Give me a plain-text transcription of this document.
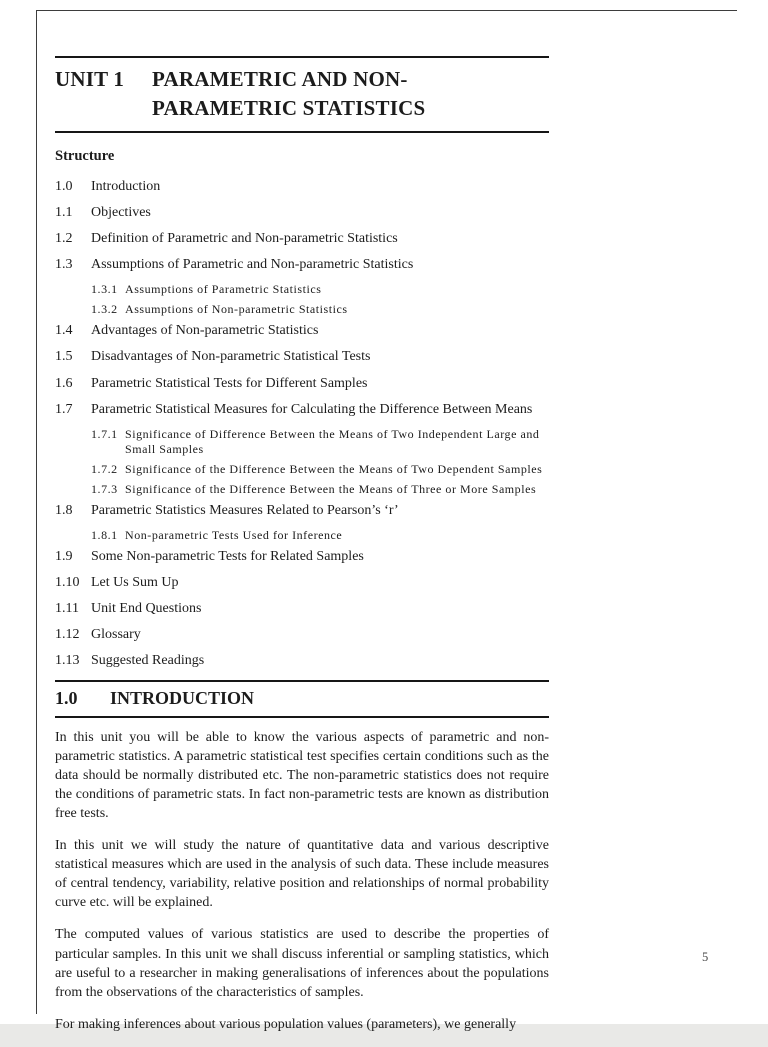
UNIT 1	PARAMETRIC AND NON-
PARAMETRIC STATISTICS
Structure
1.0	Introduction
1.1	Objectives
1.2	Definition of Parametric and Non-parametric Statistics
1.3	Assumptions of Parametric and Non-parametric Statistics
1.3.1 Assumptions of Parametric Statistics
1.3.2 Assumptions of Non-parametric Statistics
1.4	Advantages of Non-parametric Statistics
1.5	Disadvantages of Non-parametric Statistical Tests
1.6	Parametric Statistical Tests for Different Samples
1.7	Parametric Statistical Measures for Calculating the Difference Between Means
1.7.1 Significance of Difference Between the Means of Two Independent Large and Small Samples
1.7.2 Significance of the Difference Between the Means of Two Dependent Samples
1.7.3 Significance of the Difference Between the Means of Three or More Samples
1.8	Parametric Statistics Measures Related to Pearson’s ‘r’
1.8.1 Non-parametric Tests Used for Inference
1.9	Some Non-parametric Tests for Related Samples
1.10 Let Us Sum Up
1.11 Unit End Questions
1.12 Glossary
1.13 Suggested Readings
1.0	INTRODUCTION

In this unit you will be able to know the various aspects of parametric and non-parametric statistics. A parametric statistical test specifies certain conditions such as the data should be normally distributed etc. The non-parametric statistics does not require the conditions of parametric stats. In fact non-parametric tests are known as distribution free tests.

In this unit we will study the nature of quantitative data and various descriptive statistical measures which are used in the analysis of such data. These include measures of central tendency, variability, relative position and relationships of normal probability curve etc. will be explained.

The computed values of various statistics are used to describe the properties of particular samples. In this unit we shall discuss inferential or sampling statistics, which are useful to a researcher in making generalisations of inferences about the populations from the observations of the characteristics of samples.

For making inferences about various population values (parameters), we generally

5
